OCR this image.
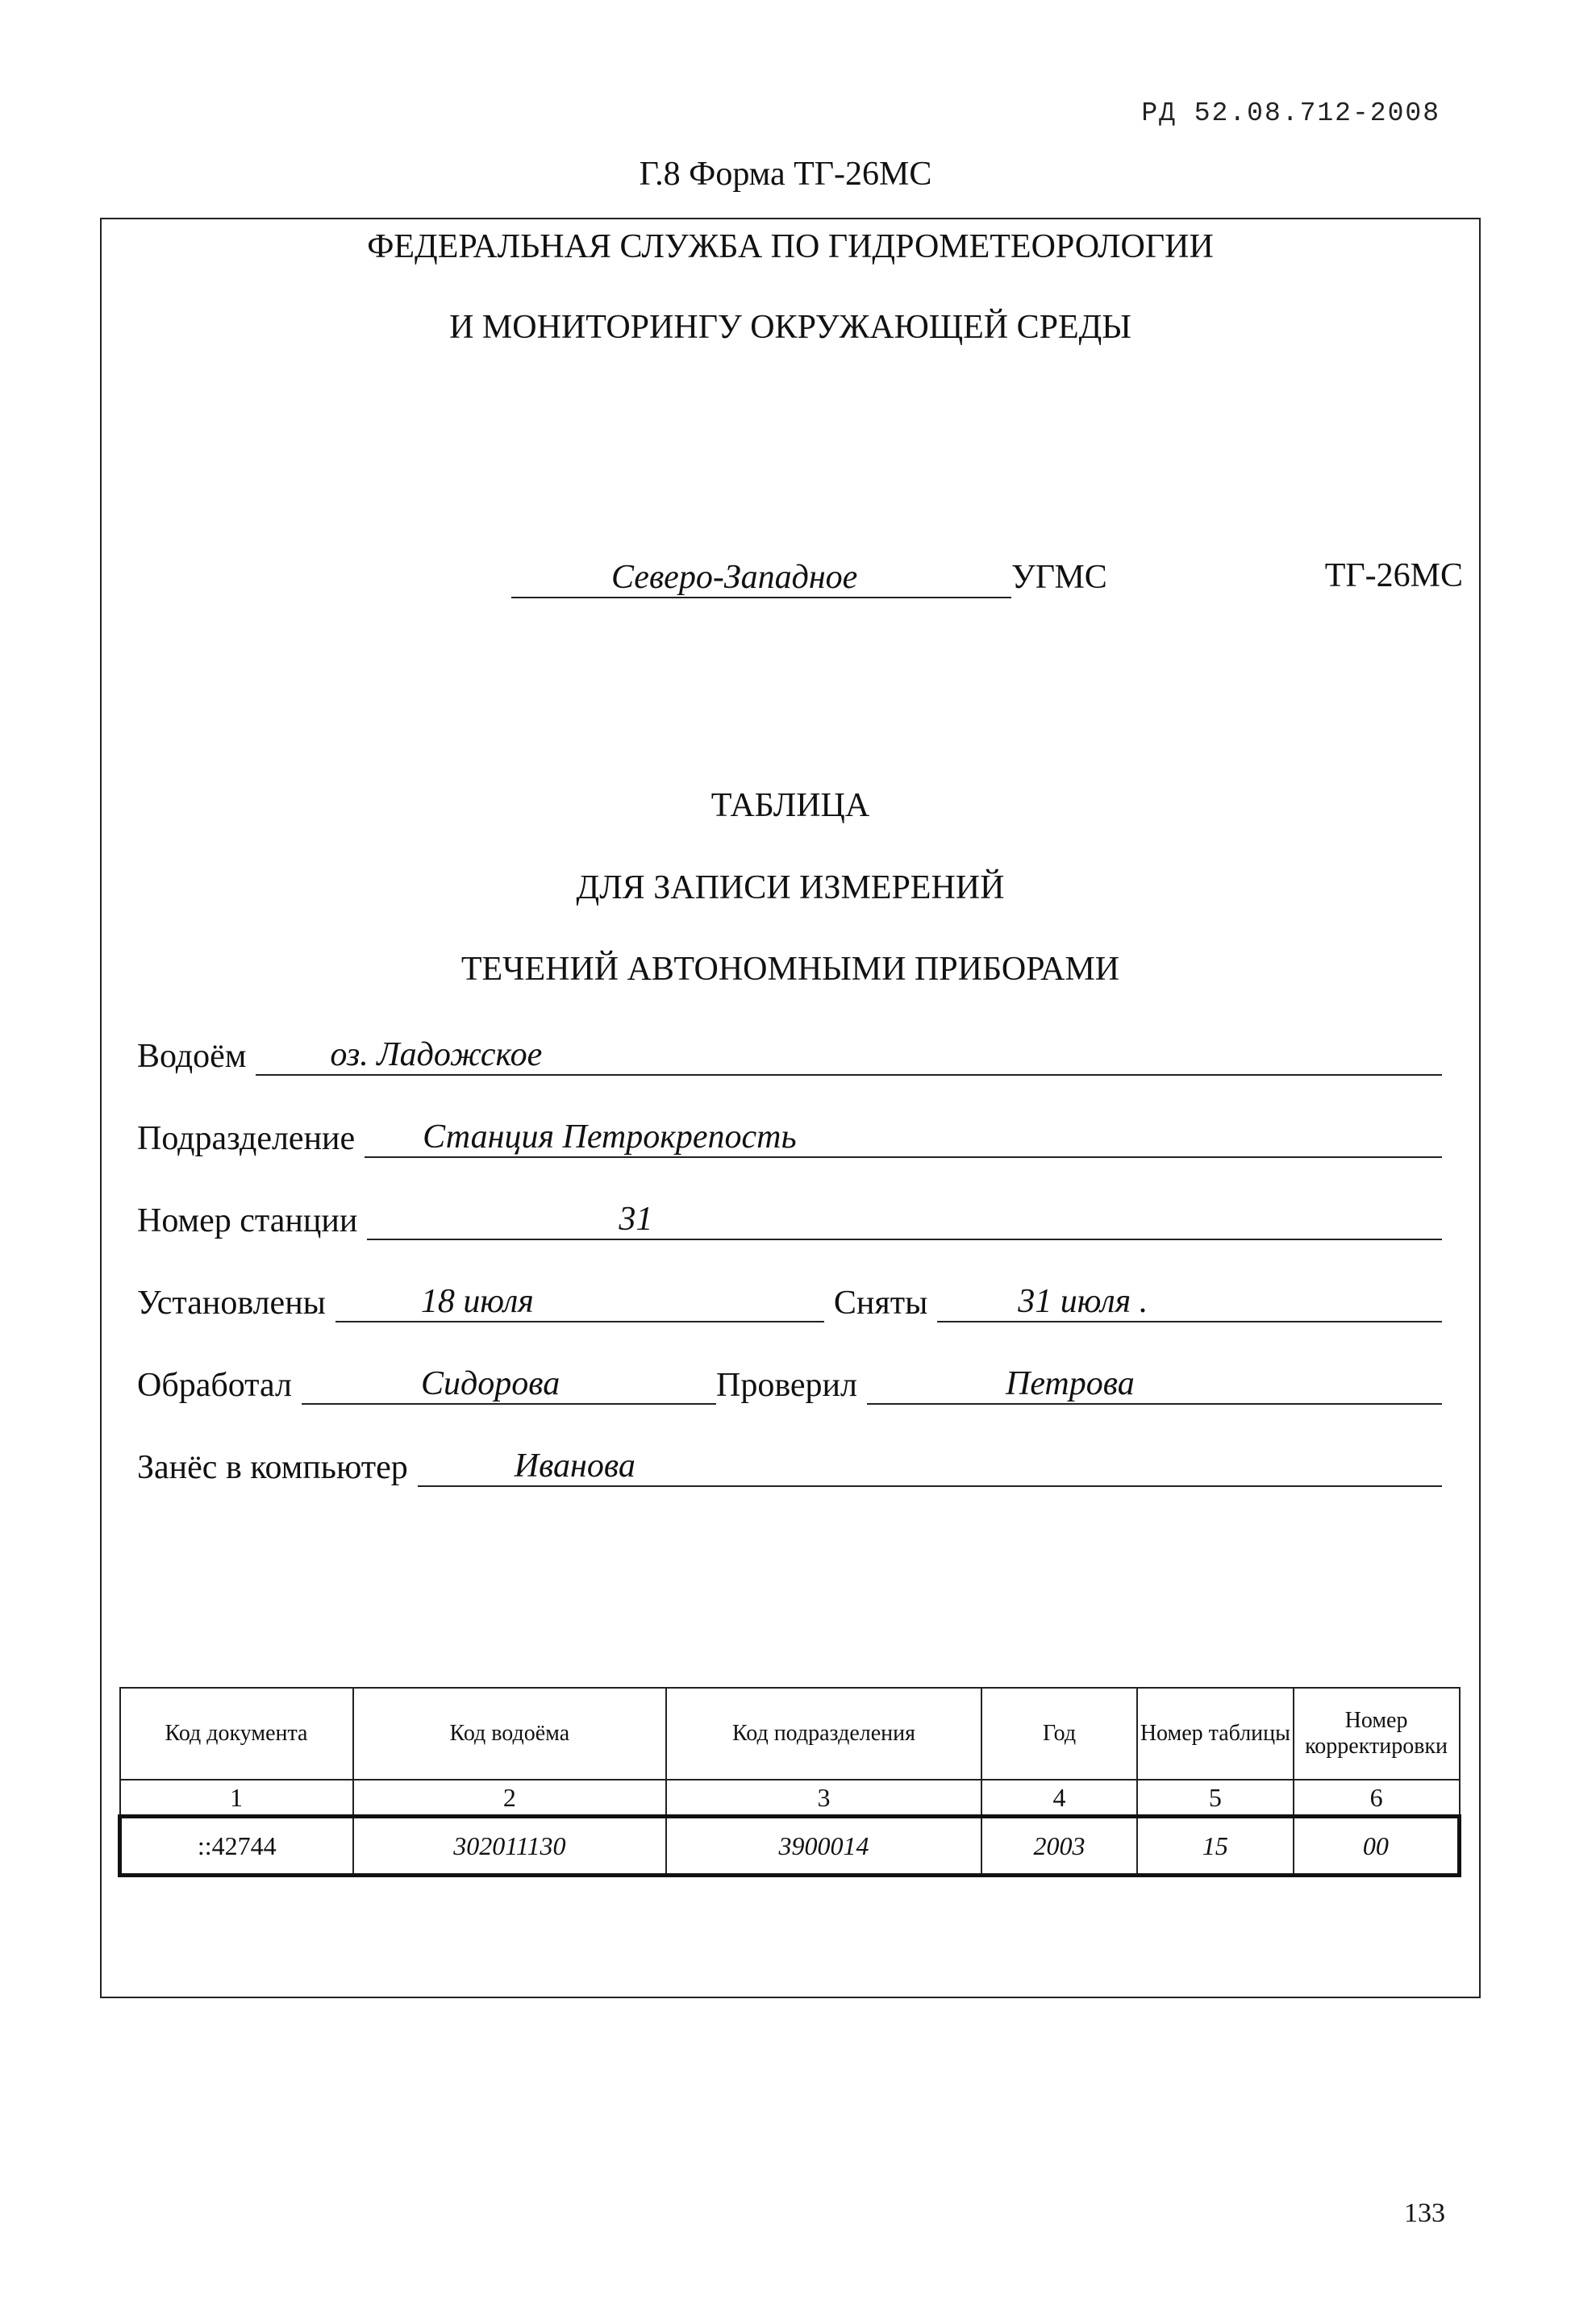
РД 52.08.712-2008
Г.8 Форма ТГ-26МС
ФЕДЕРАЛЬНАЯ СЛУЖБА ПО ГИДРОМЕТЕОРОЛОГИИ
И МОНИТОРИНГУ ОКРУЖАЮЩЕЙ СРЕДЫ
Северо-Западное	УГМС	ТГ-26МС
ТАБЛИЦА
ДЛЯ ЗАПИСИ ИЗМЕРЕНИЙ
ТЕЧЕНИЙ АВТОНОМНЫМИ ПРИБОРАМИ
Водоём	оз. Ладожское
Подразделение	Станция Петрокрепость
Номер станции	31
Установлены	18 июля	Сняты	31 июля .
Обработал	Сидорова	Проверил	Петрова
Занёс в компьютер	Иванова
Код документа	Код водоёма	Код подразделения	Год	Номер таблицы	Номер корректировки
1	2	3	4	5	6
::42744	302011130	3900014	2003	15	00
133
